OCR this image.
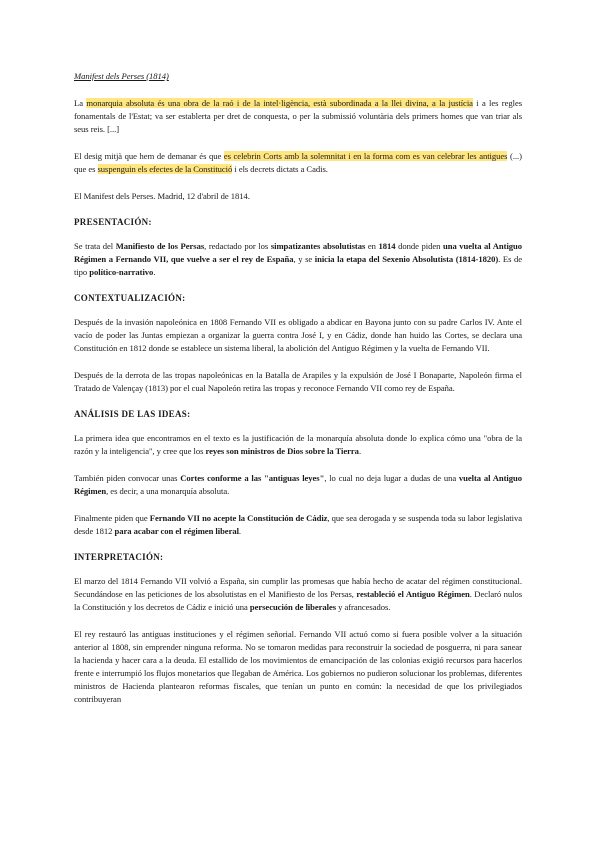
Manifest dels Perses (1814)

La monarquia absoluta és una obra de la raó i de la intel·ligència, està subordinada a la llei divina, a la justícia i a les regles fonamentals de l'Estat; va ser establerta per dret de conquesta, o per la submissió voluntària dels primers homes que van triar als seus reis. [...]

El desig mitjà que hem de demanar és que es celebrin Corts amb la solemnitat i en la forma com es van celebrar les antigues (...) que es suspenguin els efectes de la Constitució i els decrets dictats a Cadis.

El Manifest dels Perses. Madrid, 12 d'abril de 1814.

PRESENTACIÓN:

Se trata del Manifiesto de los Persas, redactado por los simpatizantes absolutistas en 1814 donde piden una vuelta al Antiguo Régimen a Fernando VII, que vuelve a ser el rey de España, y se inicia la etapa del Sexenio Absolutista (1814-1820). Es de tipo político-narrativo.

CONTEXTUALIZACIÓN:

Después de la invasión napoleónica en 1808 Fernando VII es obligado a abdicar en Bayona junto con su padre Carlos IV. Ante el vacío de poder las Juntas empiezan a organizar la guerra contra José I, y en Cádiz, donde han huido las Cortes, se declara una Constitución en 1812 donde se establece un sistema liberal, la abolición del Antiguo Régimen y la vuelta de Fernando VII.

Después de la derrota de las tropas napoleónicas en la Batalla de Arapiles y la expulsión de José I Bonaparte, Napoleón firma el Tratado de Valençay (1813) por el cual Napoleón retira las tropas y reconoce Fernando VII como rey de España.

ANÁLISIS DE LAS IDEAS:

La primera idea que encontramos en el texto es la justificación de la monarquía absoluta donde lo explica cómo una "obra de la razón y la inteligencia", y cree que los reyes son ministros de Dios sobre la Tierra.

También piden convocar unas Cortes conforme a las "antiguas leyes", lo cual no deja lugar a dudas de una vuelta al Antiguo Régimen, es decir, a una monarquía absoluta.

Finalmente piden que Fernando VII no acepte la Constitución de Cádiz, que sea derogada y se suspenda toda su labor legislativa desde 1812 para acabar con el régimen liberal.

INTERPRETACIÓN:

El marzo del 1814 Fernando VII volvió a España, sin cumplir las promesas que había hecho de acatar del régimen constitucional. Secundándose en las peticiones de los absolutistas en el Manifiesto de los Persas, restableció el Antiguo Régimen. Declaró nulos la Constitución y los decretos de Cádiz e inició una persecución de liberales y afrancesados.

El rey restauró las antiguas instituciones y el régimen señorial. Fernando VII actuó como si fuera posible volver a la situación anterior al 1808, sin emprender ninguna reforma. No se tomaron medidas para reconstruir la sociedad de posguerra, ni para sanear la hacienda y hacer cara a la deuda. El estallido de los movimientos de emancipación de las colonias exigió recursos para hacerlos frente e interrumpió los flujos monetarios que llegaban de América. Los gobiernos no pudieron solucionar los problemas, diferentes ministros de Hacienda plantearon reformas fiscales, que tenían un punto en común: la necesidad de que los privilegiados contribuyeran
